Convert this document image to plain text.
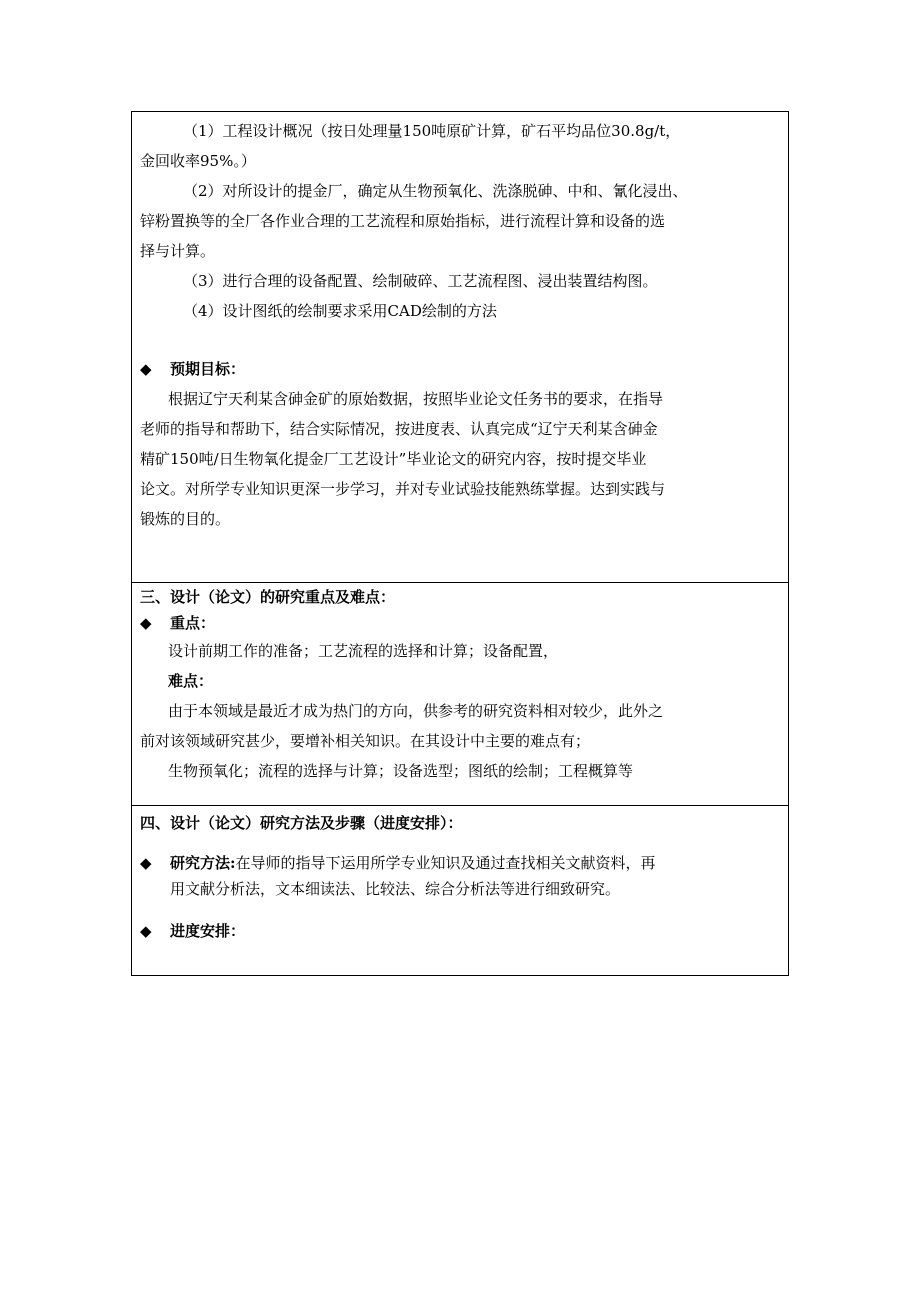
（1）工程设计概况（按日处理量150吨原矿计算，矿石平均品位30.8g/t，
金回收率95%。）
（2）对所设计的提金厂，确定从生物预氧化、洗涤脱砷、中和、氰化浸出、
锌粉置换等的全厂各作业合理的工艺流程和原始指标，进行流程计算和设备的选
择与计算。
（3）进行合理的设备配置、绘制破碎、工艺流程图、浸出装置结构图。
（4）设计图纸的绘制要求采用CAD绘制的方法
◆	预期目标：
根据辽宁天利某含砷金矿的原始数据，按照毕业论文任务书的要求，在指导
老师的指导和帮助下，结合实际情况，按进度表、认真完成“辽宁天利某含砷金
精矿150吨/日生物氧化提金厂工艺设计”毕业论文的研究内容，按时提交毕业
论文。对所学专业知识更深一步学习，并对专业试验技能熟练掌握。达到实践与
锻炼的目的。
三、设计（论文）的研究重点及难点：
◆	重点：
设计前期工作的准备；工艺流程的选择和计算；设备配置，
难点：
由于本领域是最近才成为热门的方向，供参考的研究资料相对较少，此外之
前对该领域研究甚少，要增补相关知识。在其设计中主要的难点有；
生物预氧化；流程的选择与计算；设备选型；图纸的绘制；工程概算等
四、设计（论文）研究方法及步骤（进度安排）：
◆	研究方法:在导师的指导下运用所学专业知识及通过查找相关文献资料，再
用文献分析法，文本细读法、比较法、综合分析法等进行细致研究。
◆	进度安排：
